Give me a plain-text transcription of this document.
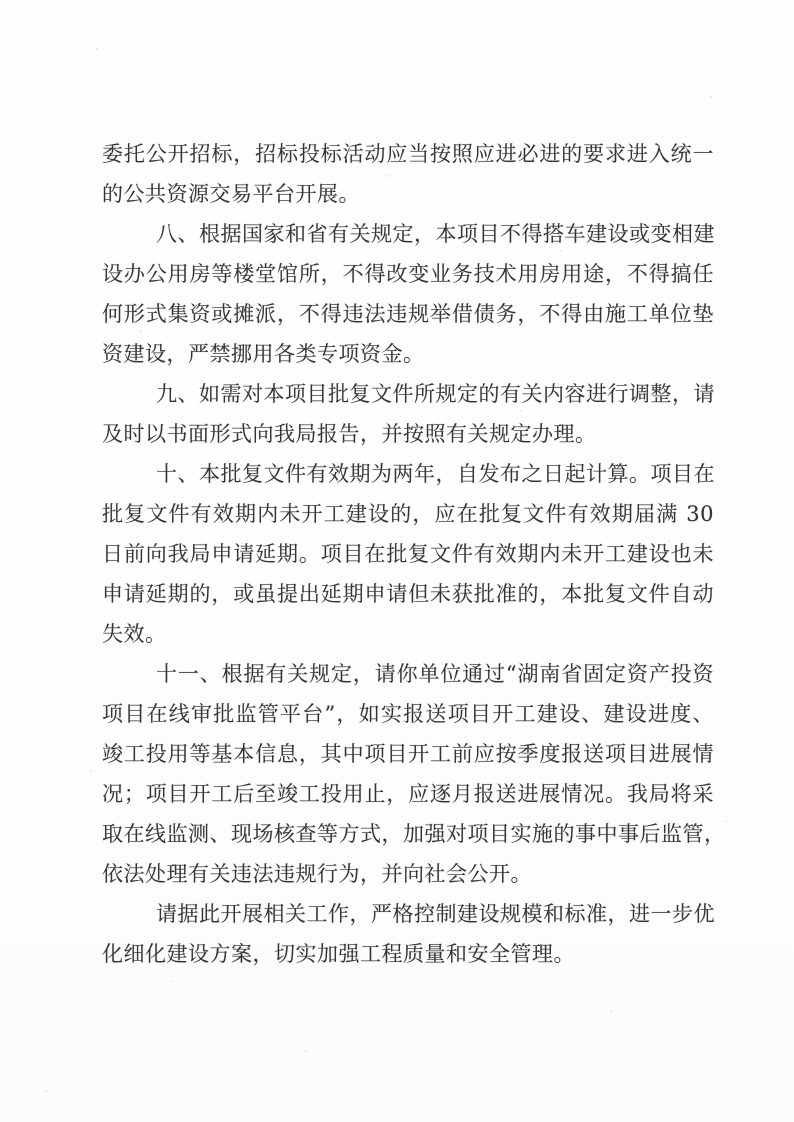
委托公开招标，招标投标活动应当按照应进必进的要求进入统一
的公共资源交易平台开展。
八、根据国家和省有关规定，本项目不得搭车建设或变相建
设办公用房等楼堂馆所，不得改变业务技术用房用途，不得搞任
何形式集资或摊派，不得违法违规举借债务，不得由施工单位垫
资建设，严禁挪用各类专项资金。
九、如需对本项目批复文件所规定的有关内容进行调整，请
及时以书面形式向我局报告，并按照有关规定办理。
十、本批复文件有效期为两年，自发布之日起计算。项目在
批复文件有效期内未开工建设的，应在批复文件有效期届满 30
日前向我局申请延期。项目在批复文件有效期内未开工建设也未
申请延期的，或虽提出延期申请但未获批准的，本批复文件自动
失效。
十一、根据有关规定，请你单位通过“湖南省固定资产投资
项目在线审批监管平台”，如实报送项目开工建设、建设进度、
竣工投用等基本信息，其中项目开工前应按季度报送项目进展情
况；项目开工后至竣工投用止，应逐月报送进展情况。我局将采
取在线监测、现场核查等方式，加强对项目实施的事中事后监管，
依法处理有关违法违规行为，并向社会公开。
请据此开展相关工作，严格控制建设规模和标准，进一步优
化细化建设方案，切实加强工程质量和安全管理。
